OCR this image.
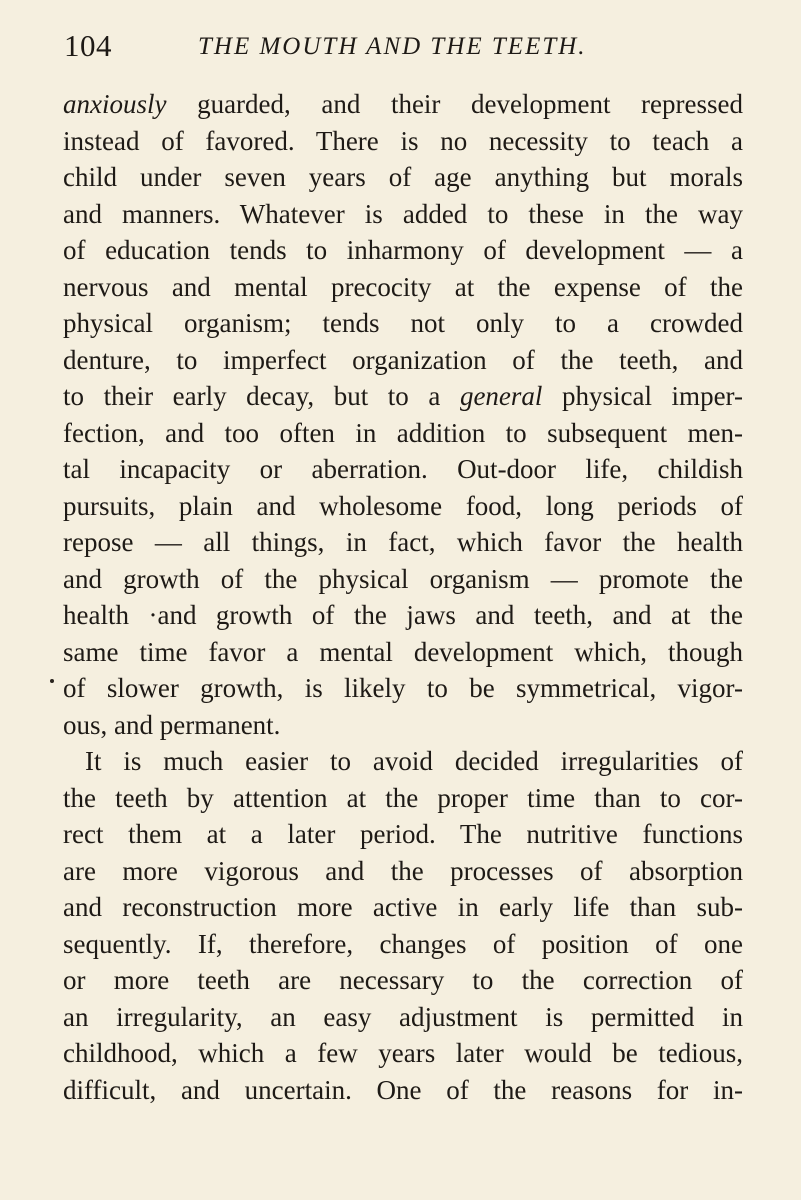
104	THE MOUTH AND THE TEETH.
anxiously guarded, and their development repressed
instead of favored. There is no necessity to teach a
child under seven years of age anything but morals
and manners. Whatever is added to these in the way
of education tends to inharmony of development — a
nervous and mental precocity at the expense of the
physical organism; tends not only to a crowded
denture, to imperfect organization of the teeth, and
to their early decay, but to a general physical imper-
fection, and too often in addition to subsequent men-
tal incapacity or aberration. Out-door life, childish
pursuits, plain and wholesome food, long periods of
repose — all things, in fact, which favor the health
and growth of the physical organism — promote the
health ·and growth of the jaws and teeth, and at the
same time favor a mental development which, though
of slower growth, is likely to be symmetrical, vigor-
ous, and permanent.
It is much easier to avoid decided irregularities of
the teeth by attention at the proper time than to cor-
rect them at a later period. The nutritive functions
are more vigorous and the processes of absorption
and reconstruction more active in early life than sub-
sequently. If, therefore, changes of position of one
or more teeth are necessary to the correction of
an irregularity, an easy adjustment is permitted in
childhood, which a few years later would be tedious,
difficult, and uncertain. One of the reasons for in-
